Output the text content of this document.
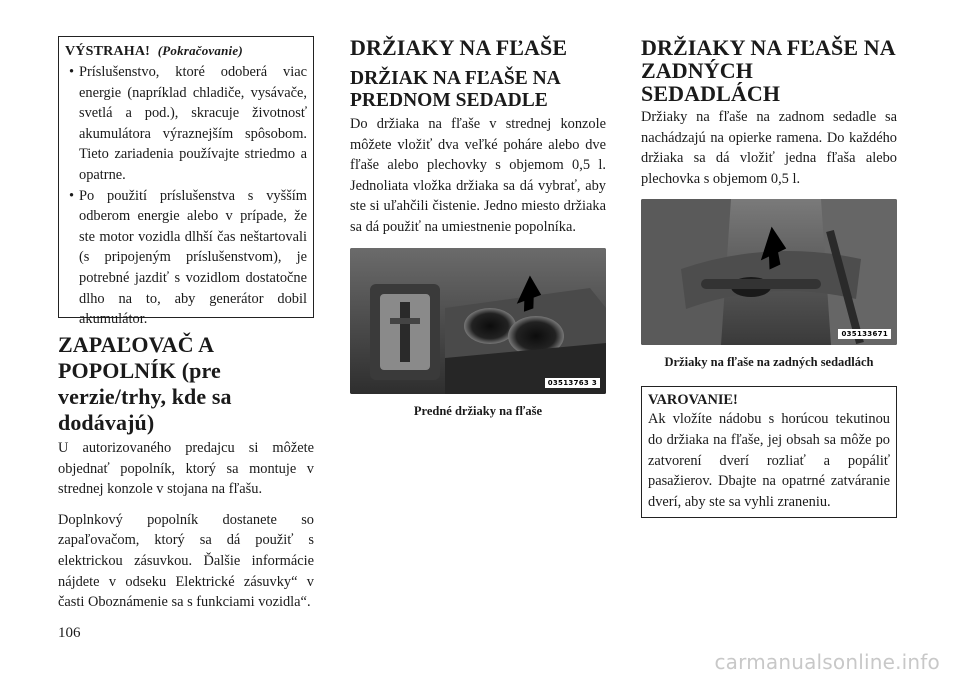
VÝSTRAHA! (Pokračovanie)
• Príslušenstvo, ktoré odoberá viac energie (napríklad chladiče, vysávače, svetlá a pod.), skracuje životnosť akumulátora výraznejším spôsobom. Tieto zariadenia používajte striedmo a opatrne.
• Po použití príslušenstva s vyšším odberom energie alebo v prípade, že ste motor vozidla dlhší čas neštartovali (s pripojeným príslušenstvom), je potrebné jazdiť s vozidlom dostatočne dlho na to, aby generátor dobil akumulátor.
ZAPAĽOVAČ A POPOLNÍK (pre verzie/trhy, kde sa dodávajú)

U autorizovaného predajcu si môžete objednať popolník, ktorý sa montuje v strednej konzole v stojana na fľašu.

Doplnkový popolník dostanete so zapaľovačom, ktorý sa dá použiť s elektrickou zásuvkou. Ďalšie informácie nájdete v odseku Elektrické zásuvky“ v časti Oboznámenie sa s funkciami vozidla“.

DRŽIAKY NA FĽAŠE
DRŽIAK NA FĽAŠE NA PREDNOM SEDADLE

Do držiaka na fľaše v strednej konzole môžete vložiť dva veľké poháre alebo dve fľaše alebo plechovky s objemom 0,5 l. Jednoliata vložka držiaka sa dá vybrať, aby ste si uľahčili čistenie. Jedno miesto držiaka sa dá použiť na umiestnenie popolníka.

03513763 3
Predné držiaky na fľaše
DRŽIAKY NA FĽAŠE NA ZADNÝCH SEDADLÁCH

Držiaky na fľaše na zadnom sedadle sa nachádzajú na opierke ramena. Do každého držiaka sa dá vložiť jedna fľaša alebo plechovka s objemom 0,5 l.

035133671
Držiaky na fľaše na zadných sedadlách
VAROVANIE!

Ak vložíte nádobu s horúcou tekutinou do držiaka na fľaše, jej obsah sa môže po zatvorení dverí rozliať a popáliť pasažierov. Dbajte na opatrné zatváranie dverí, aby ste sa vyhli zraneniu.

106
carmanualsonline.info
